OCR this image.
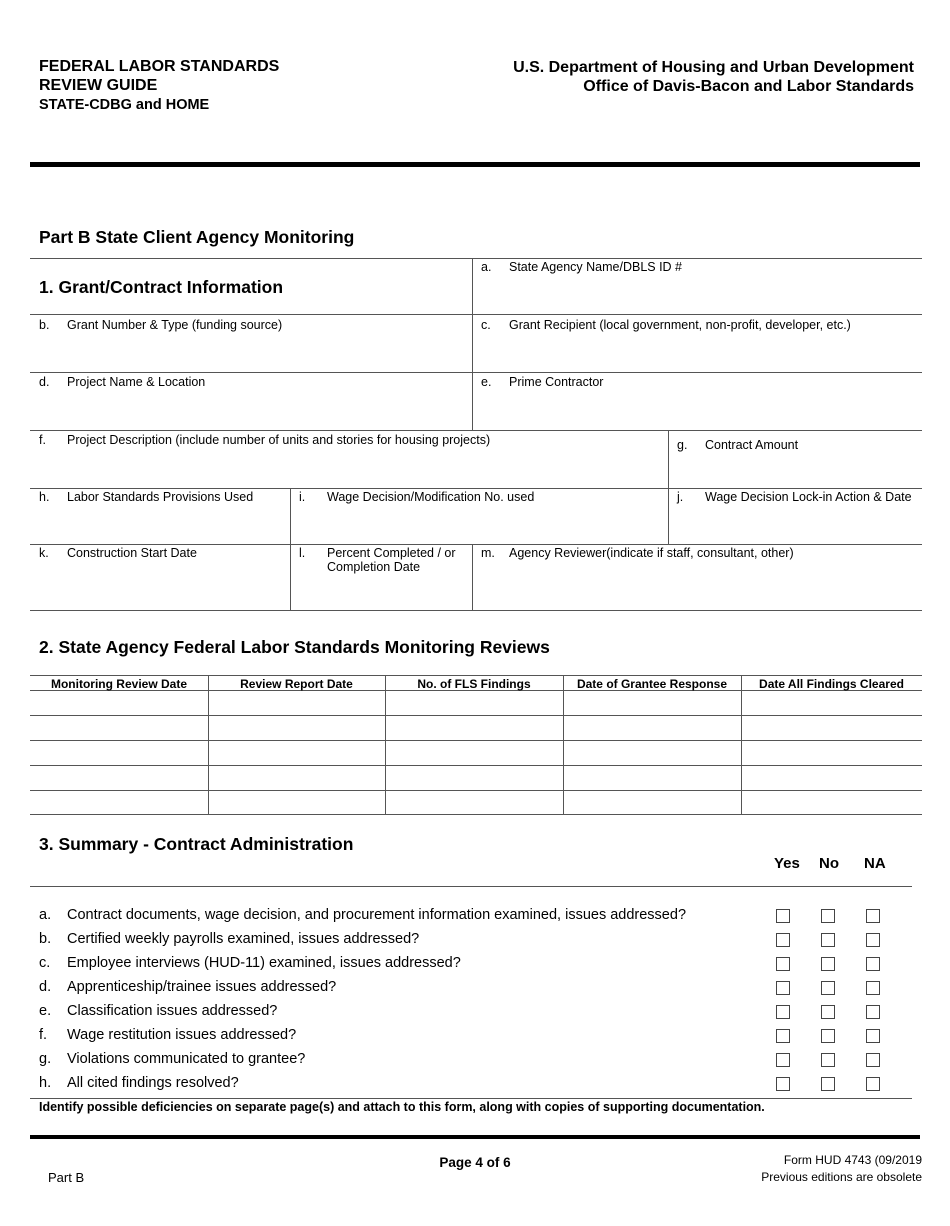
FEDERAL LABOR STANDARDS
REVIEW GUIDE
STATE-CDBG and HOME
U.S. Department of Housing and Urban Development
Office of Davis-Bacon and Labor Standards
Part B State Client Agency Monitoring
1. Grant/Contract Information
a. State Agency Name/DBLS ID #
b. Grant Number & Type (funding source)	c. Grant Recipient (local government, non-profit, developer, etc.)
d. Project Name & Location	e. Prime Contractor
f. Project Description (include number of units and stories for housing projects)	g. Contract Amount
h. Labor Standards Provisions Used	i. Wage Decision/Modification No. used	j. Wage Decision Lock-in Action & Date
k. Construction Start Date	l. Percent Completed / or
Completion Date
m. Agency Reviewer(indicate if staff, consultant, other)
2. State Agency Federal Labor Standards Monitoring Reviews
Monitoring Review Date	Review Report Date	No. of FLS Findings	Date of Grantee Response	Date All Findings Cleared
3. Summary - Contract Administration
Yes No NA
a. Contract documents, wage decision, and procurement information examined, issues addressed?
b. Certified weekly payrolls examined, issues addressed?
c. Employee interviews (HUD-11) examined, issues addressed?
d. Apprenticeship/trainee issues addressed?
e. Classification issues addressed?
f. Wage restitution issues addressed?
g. Violations communicated to grantee?
h. All cited findings resolved?
Identify possible deficiencies on separate page(s) and attach to this form, along with copies of supporting documentation.
Part B
Page 4 of 6	Form HUD 4743 (09/2019
Previous editions are obsolete
